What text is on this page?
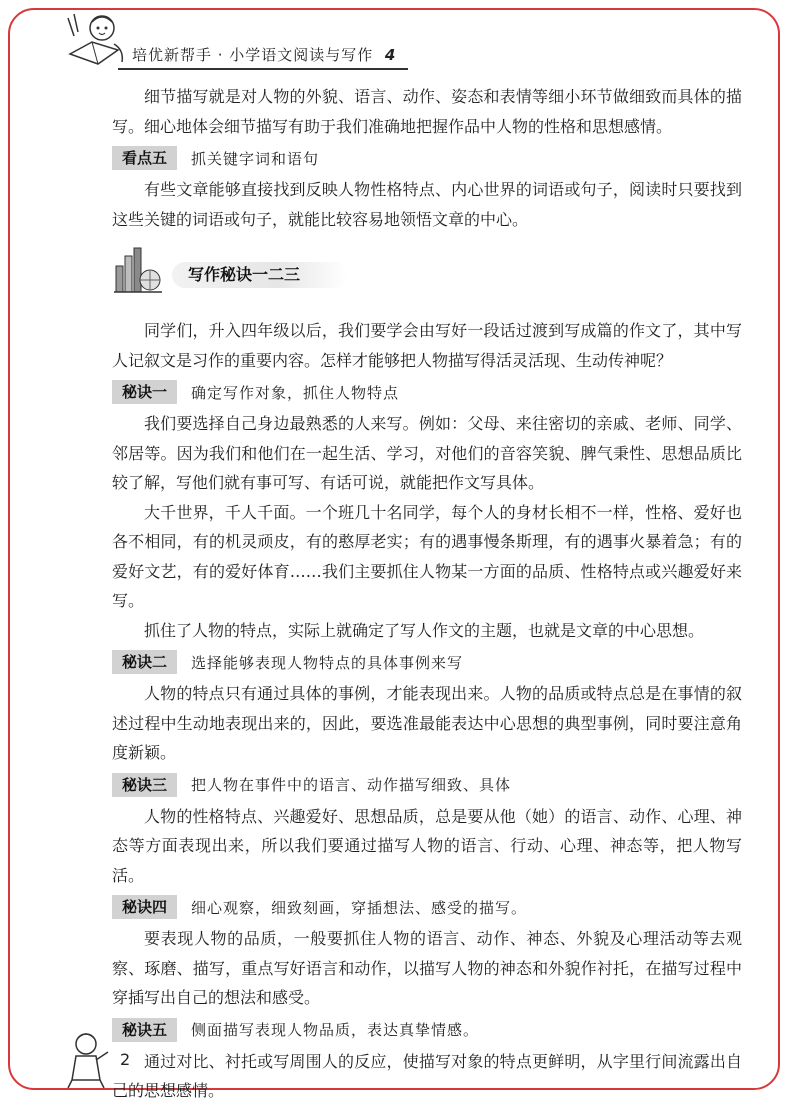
培优新帮手 · 小学语文阅读与写作 4

细节描写就是对人物的外貌、语言、动作、姿态和表情等细小环节做细致而具体的描写。细心地体会细节描写有助于我们准确地把握作品中人物的性格和思想感情。

看点五	抓关键字词和语句

有些文章能够直接找到反映人物性格特点、内心世界的词语或句子，阅读时只要找到这些关键的词语或句子，就能比较容易地领悟文章的中心。

写作秘诀一二三

同学们，升入四年级以后，我们要学会由写好一段话过渡到写成篇的作文了，其中写人记叙文是习作的重要内容。怎样才能够把人物描写得活灵活现、生动传神呢？

秘诀一	确定写作对象，抓住人物特点

我们要选择自己身边最熟悉的人来写。例如：父母、来往密切的亲戚、老师、同学、邻居等。因为我们和他们在一起生活、学习，对他们的音容笑貌、脾气秉性、思想品质比较了解，写他们就有事可写、有话可说，就能把作文写具体。

大千世界，千人千面。一个班几十名同学，每个人的身材长相不一样，性格、爱好也各不相同，有的机灵顽皮，有的憨厚老实；有的遇事慢条斯理，有的遇事火暴着急；有的爱好文艺，有的爱好体育……我们主要抓住人物某一方面的品质、性格特点或兴趣爱好来写。

抓住了人物的特点，实际上就确定了写人作文的主题，也就是文章的中心思想。

秘诀二	选择能够表现人物特点的具体事例来写

人物的特点只有通过具体的事例，才能表现出来。人物的品质或特点总是在事情的叙述过程中生动地表现出来的，因此，要选准最能表达中心思想的典型事例，同时要注意角度新颖。

秘诀三	把人物在事件中的语言、动作描写细致、具体

人物的性格特点、兴趣爱好、思想品质，总是要从他（她）的语言、动作、心理、神态等方面表现出来，所以我们要通过描写人物的语言、行动、心理、神态等，把人物写活。

秘诀四	细心观察，细致刻画，穿插想法、感受的描写。

要表现人物的品质，一般要抓住人物的语言、动作、神态、外貌及心理活动等去观察、琢磨、描写，重点写好语言和动作，以描写人物的神态和外貌作衬托，在描写过程中穿插写出自己的想法和感受。

秘诀五	侧面描写表现人物品质，表达真挚情感。

通过对比、衬托或写周围人的反应，使描写对象的特点更鲜明，从字里行间流露出自己的思想感情。

2
